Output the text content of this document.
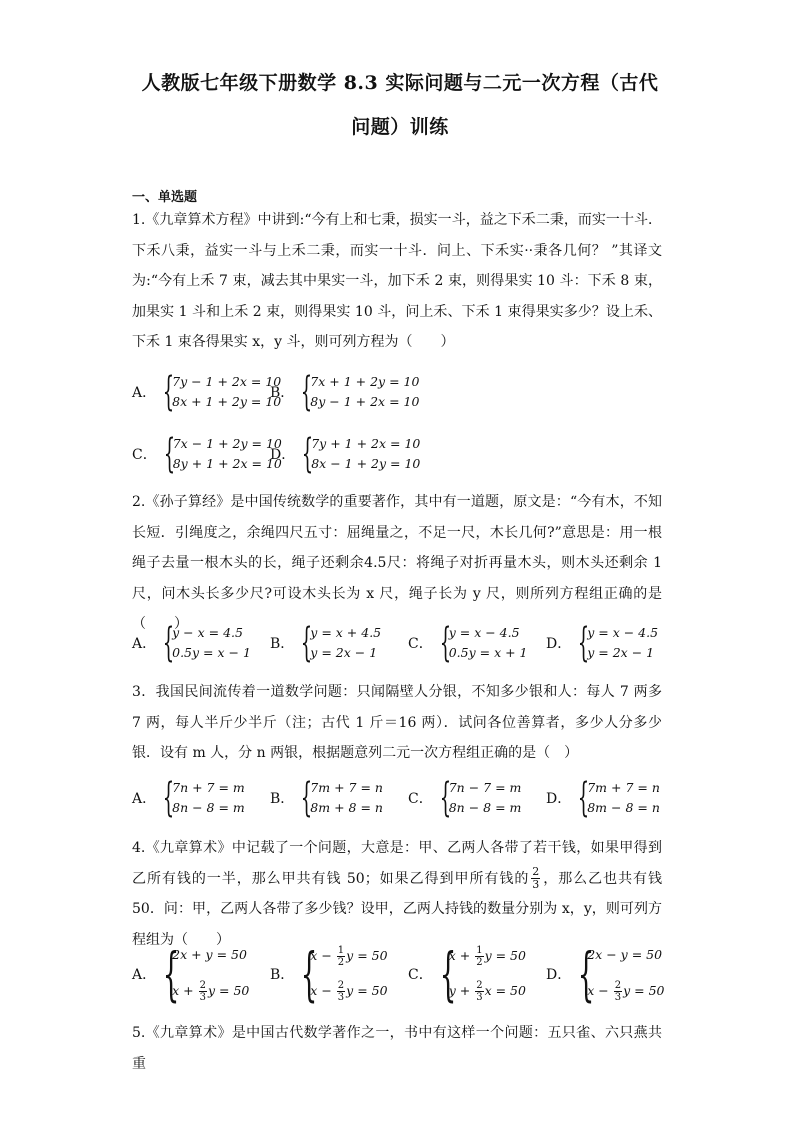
人教版七年级下册数学 8.3 实际问题与二元一次方程（古代
问题）训练
一、单选题
1.《九章算术方程》中讲到:“今有上和七秉，损实一斗，益之下禾二秉，而实一十斗．下禾八秉，益实一斗与上禾二秉，而实一十斗．问上、下禾实··秉各几何？ ”其译文为:“今有上禾 7 束，减去其中果实一斗，加下禾 2 束，则得果实 10 斗：下禾 8 束，加果实 1 斗和上禾 2 束，则得果实 10 斗，问上禾、下禾 1 束得果实多少？设上禾、下禾 1 束各得果实 x，y 斗，则可列方程为（　　）
A． {
7y − 1 + 2x = 10
8x + 1 + 2y = 10
B． {
7x + 1 + 2y = 10
8y − 1 + 2x = 10
C． {
7x − 1 + 2y = 10
8y + 1 + 2x = 10
D． {
7y + 1 + 2x = 10
8x − 1 + 2y = 10
2.《孙子算经》是中国传统数学的重要著作，其中有一道题，原文是：“今有木，不知长短．引绳度之，余绳四尺五寸：屈绳量之，不足一尺，木长几何?”意思是：用一根绳子去量一根木头的长，绳子还剩余4.5尺：将绳子对折再量木头，则木头还剩余 1 尺，问木头长多少尺?可设木头长为 x 尺，绳子长为 y 尺，则所列方程组正确的是（　　）
A． {
y − x = 4.5
0.5y = x − 1
B． {
y = x + 4.5
y = 2x − 1
C． {
y = x − 4.5
0.5y = x + 1
D． {
y = x − 4.5
y = 2x − 1
3．我国民间流传着一道数学问题：只闻隔壁人分银，不知多少银和人：每人 7 两多 7 两，每人半斤少半斤（注；古代 1 斤＝16 两）．试问各位善算者，多少人分多少银．设有 m 人，分 n 两银，根据题意列二元一次方程组正确的是（　）
A． {
7n + 7 = m
8n − 8 = m
B． {
7m + 7 = n
8m + 8 = n
C． {
7n − 7 = m
8n − 8 = m
D． {
7m + 7 = n
8m − 8 = n
4.《九章算术》中记载了一个问题，大意是：甲、乙两人各带了若干钱，如果甲得到乙所有钱的一半，那么甲共有钱 50；如果乙得到甲所有钱的 $\frac{2}{3}$ ，那么乙也共有钱 50．问：甲，乙两人各带了多少钱？设甲，乙两人持钱的数量分别为 x，y，则可列方程组为（　　）
A． {
2x + y = 50
$x + \frac{2}{3}$ y = 50
B． {
$x - \frac{1}{2}$ y = 50
$x - \frac{2}{3}$ y = 50
C． {
$x + \frac{1}{2}$ y = 50
$y + \frac{2}{3}$ x = 50
D． {
2x − y = 50
$x - \frac{2}{3}$ y = 50
5.《九章算术》是中国古代数学著作之一，书中有这样一个问题：五只雀、六只燕共重
